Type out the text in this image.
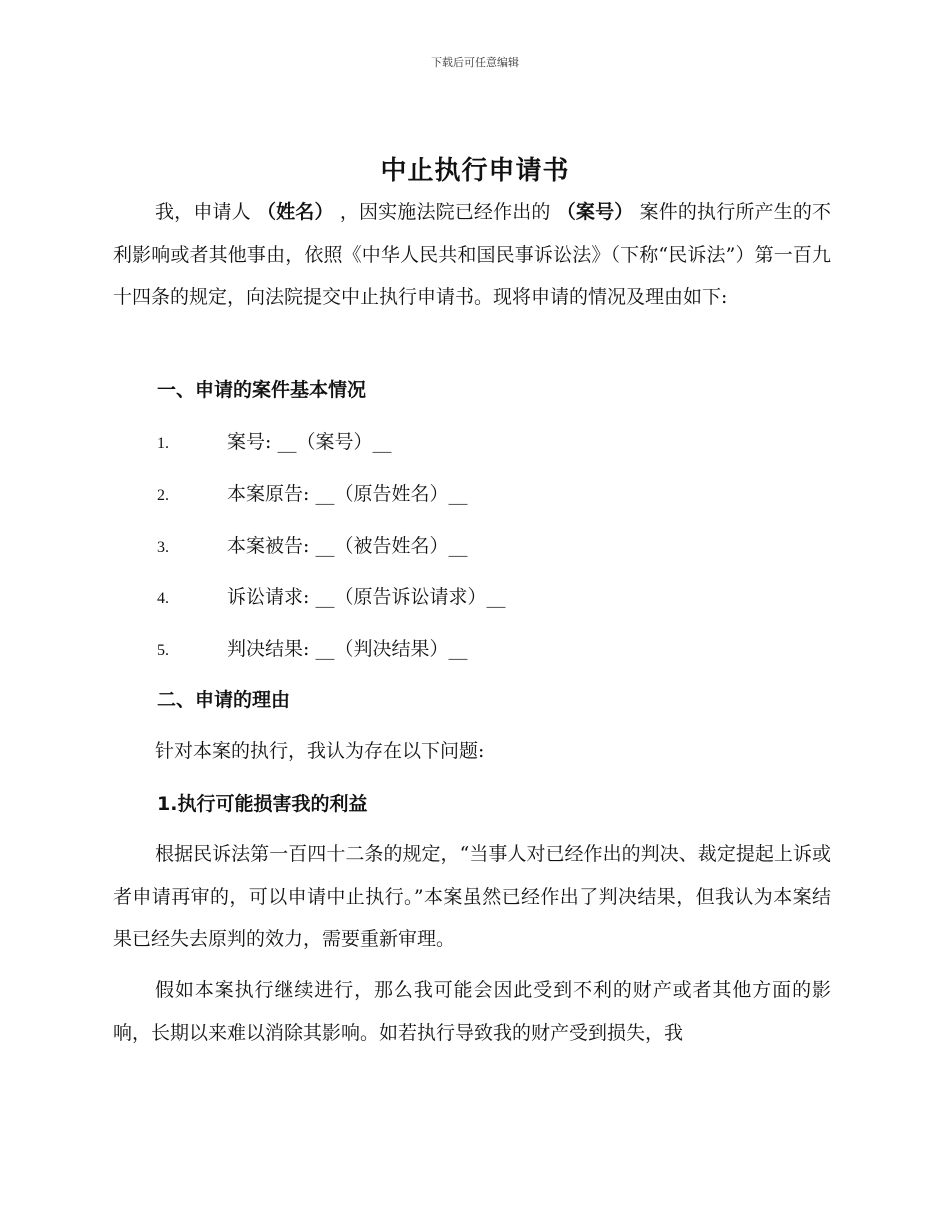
下载后可任意编辑
中止执行申请书

我，申请人 （姓名） ，因实施法院已经作出的 （案号） 案件的执行所产生的不利影响或者其他事由，依照《中华人民共和国民事诉讼法》（下称“民诉法”）第一百九十四条的规定，向法院提交中止执行申请书。现将申请的情况及理由如下:

一、申请的案件基本情况
1.	案号: __（案号）__
2.	本案原告: __（原告姓名）__
3.	本案被告: __（被告姓名）__
4.	诉讼请求: __（原告诉讼请求）__
5.	判决结果: __（判决结果）__
二、申请的理由

针对本案的执行，我认为存在以下问题:

1.执行可能损害我的利益

根据民诉法第一百四十二条的规定，“当事人对已经作出的判决、裁定提起上诉或者申请再审的，可以申请中止执行。”本案虽然已经作出了判决结果，但我认为本案结果已经失去原判的效力，需要重新审理。

假如本案执行继续进行，那么我可能会因此受到不利的财产或者其他方面的影响，长期以来难以消除其影响。如若执行导致我的财产受到损失，我
